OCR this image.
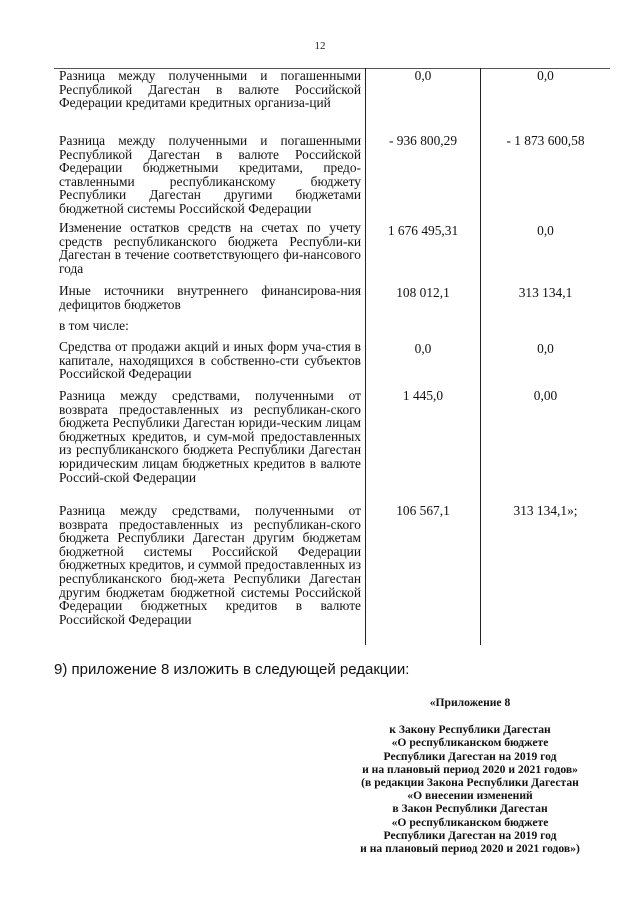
12
Разница между полученными и погашенными Республикой Дагестан в валюте Российской Федерации кредитами кредитных организа-ций
0,0	0,0
Разница между полученными и погашенными Республикой Дагестан в валюте Российской Федерации бюджетными кредитами, предо-ставленными республиканскому бюджету Республики Дагестан другими бюджетами бюджетной системы Российской Федерации
- 936 800,29	- 1 873 600,58
Изменение остатков средств на счетах по учету средств республиканского бюджета Республи-ки Дагестан в течение соответствующего фи-нансового года
1 676 495,31	0,0
Иные источники внутреннего финансирова-ния дефицитов бюджетов
108 012,1	313 134,1
в том числе:
Средства от продажи акций и иных форм уча-стия в капитале, находящихся в собственно-сти субъектов Российской Федерации
0,0	0,0
Разница между средствами, полученными от возврата предоставленных из республикан-ского бюджета Республики Дагестан юриди-ческим лицам бюджетных кредитов, и сум-мой предоставленных из республиканского бюджета Республики Дагестан юридическим лицам бюджетных кредитов в валюте Россий-ской Федерации
1 445,0	0,00
Разница между средствами, полученными от возврата предоставленных из республикан-ского бюджета Республики Дагестан другим бюджетам бюджетной системы Российской Федерации бюджетных кредитов, и суммой предоставленных из республиканского бюд-жета Республики Дагестан другим бюджетам бюджетной системы Российской Федерации бюджетных кредитов в валюте Российской Федерации
106 567,1	313 134,1»;
9) приложение 8 изложить в следующей редакции:
«Приложение 8
к Закону Республики Дагестан
«О республиканском бюджете
Республики Дагестан на 2019 год
и на плановый период 2020 и 2021 годов»
(в редакции Закона Республики Дагестан
«О внесении изменений
в Закон Республики Дагестан
«О республиканском бюджете
Республики Дагестан на 2019 год
и на плановый период 2020 и 2021 годов»)
